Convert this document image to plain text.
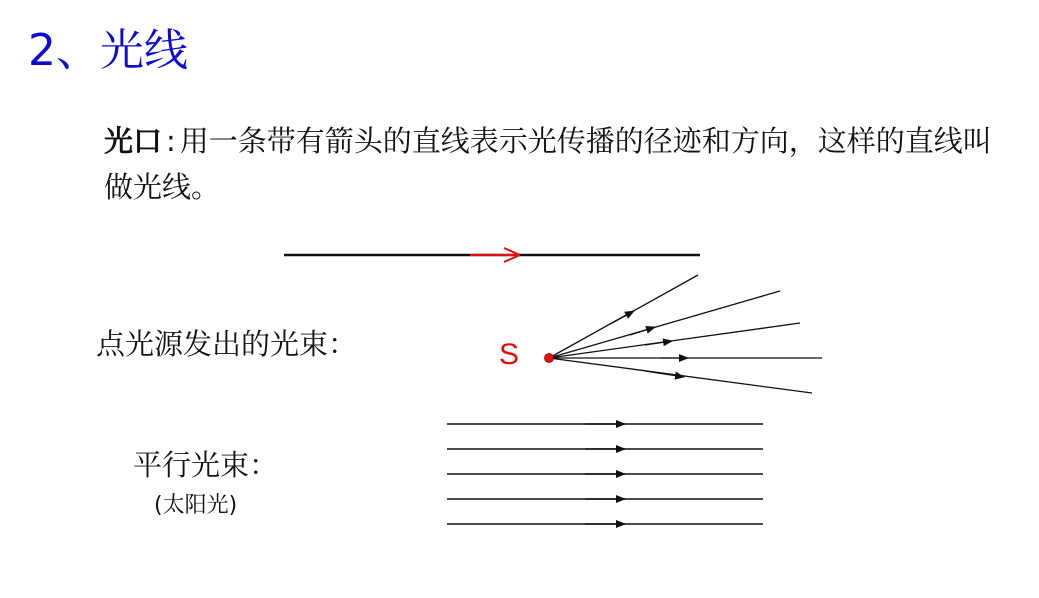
2、光线
光口 : 用一条带有箭头的直线表示光传播的径迹和方向，这样的直线叫做光线。
点光源发出的光束：
平行光束：
(太阳光)
S
